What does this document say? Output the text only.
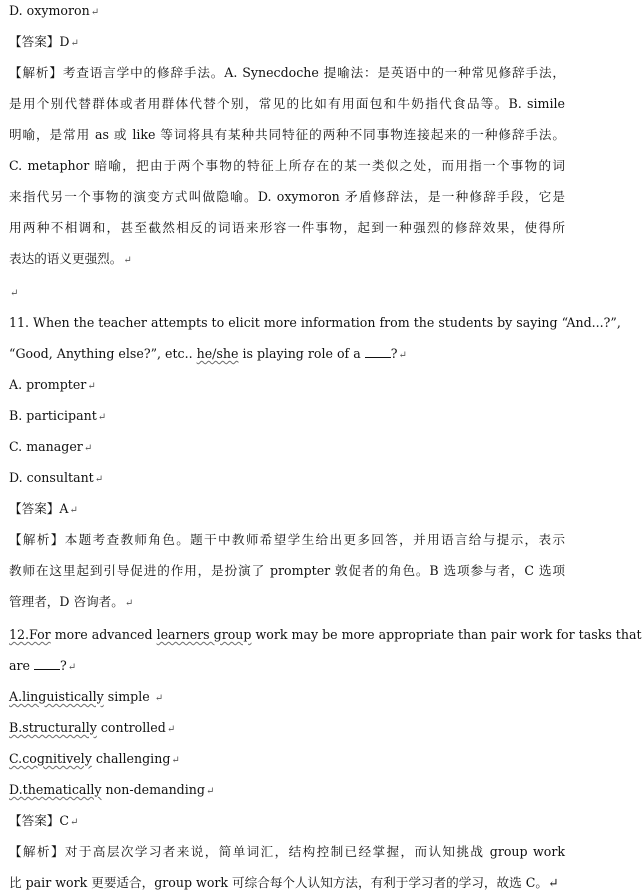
D. oxymoron↵
【答案】D↵
【解析】考查语言学中的修辞手法。A. Synecdoche 提喻法：是英语中的一种常见修辞手法，
是用个别代替群体或者用群体代替个别，常见的比如有用面包和牛奶指代食品等。B. simile
明喻，是常用 as 或 like 等词将具有某种共同特征的两种不同事物连接起来的一种修辞手法。
C. metaphor 暗喻，把由于两个事物的特征上所存在的某一类似之处，而用指一个事物的词
来指代另一个事物的演变方式叫做隐喻。D. oxymoron 矛盾修辞法，是一种修辞手段，它是
用两种不相调和，甚至截然相反的词语来形容一件事物，起到一种强烈的修辞效果，使得所
表达的语义更强烈。↵
↵
11. When the teacher attempts to elicit more information from the students by saying “And...?”,
“Good, Anything else?”, etc.. he/she is playing role of a ?↵
A. prompter↵
B. participant↵
C. manager↵
D. consultant↵
【答案】A↵
【解析】本题考查教师角色。题干中教师希望学生给出更多回答，并用语言给与提示，表示
教师在这里起到引导促进的作用，是扮演了 prompter 敦促者的角色。B 选项参与者，C 选项
管理者，D 咨询者。↵
12.For more advanced learners group work may be more appropriate than pair work for tasks that
are ?↵
A.linguistically simple ↵
B.structurally controlled↵
C.cognitively challenging↵
D.thematically non-demanding↵
【答案】C↵
【解析】对于高层次学习者来说，简单词汇，结构控制已经掌握，而认知挑战 group work
比 pair work 更要适合，group work 可综合每个人认知方法，有利于学习者的学习，故选 C。↵
